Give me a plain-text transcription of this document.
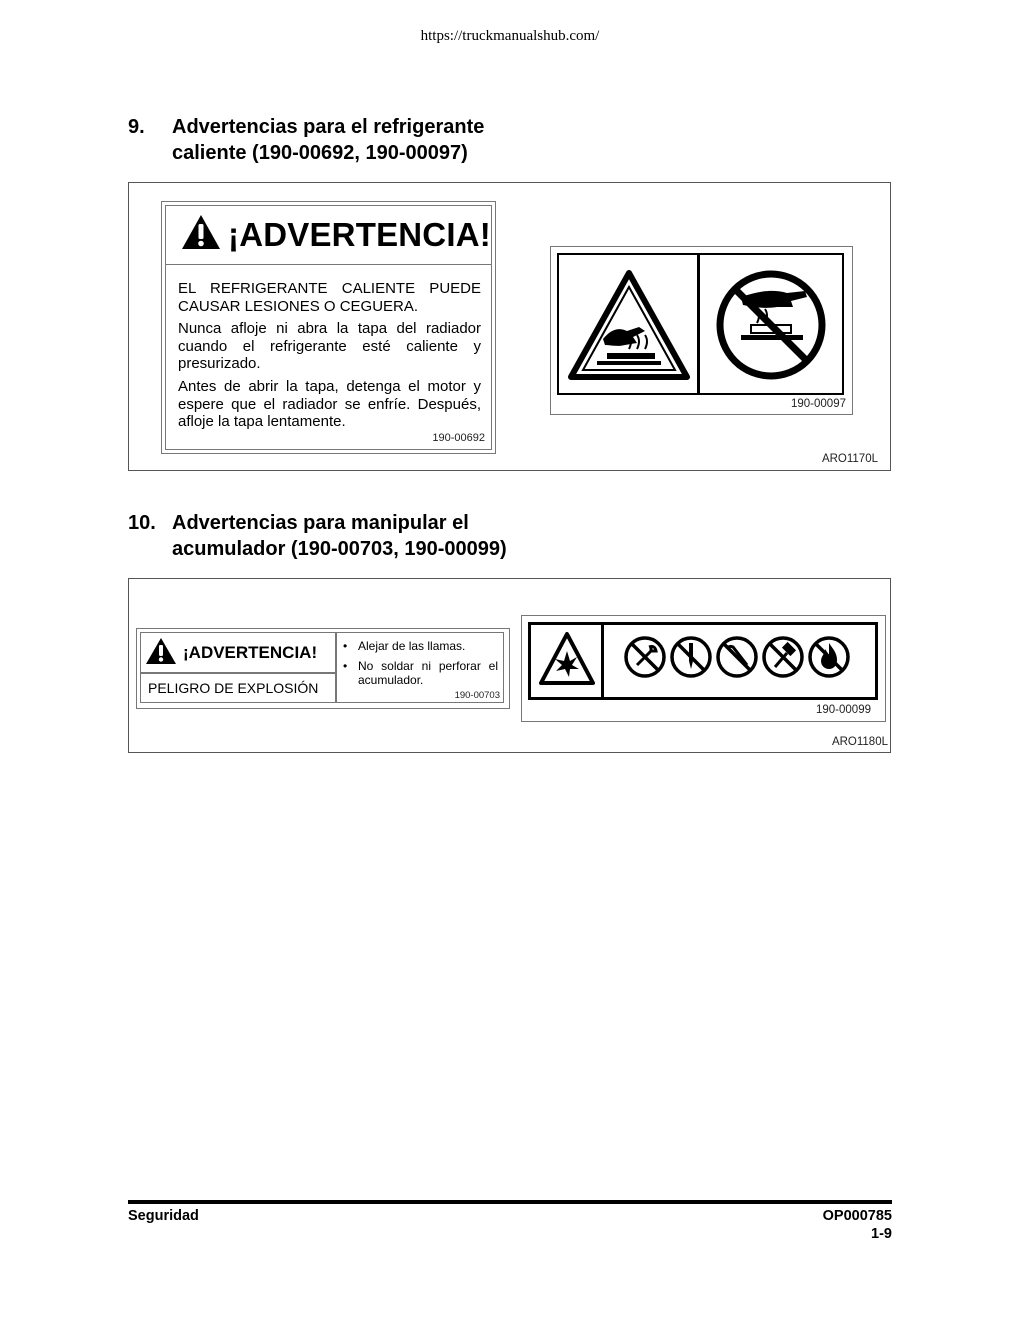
https://truckmanualshub.com/
9. Advertencias para el refrigerante
caliente (190-00692, 190-00097)
¡ADVERTENCIA!
EL REFRIGERANTE CALIENTE PUEDE CAUSAR LESIONES O CEGUERA.
Nunca afloje ni abra la tapa del radiador cuando el refrigerante esté caliente y presurizado.
Antes de abrir la tapa, detenga el motor y espere que el radiador se enfríe. Después, afloje la tapa lentamente.
190-00692
190-00097
ARO1170L
10. Advertencias para manipular el
acumulador (190-00703, 190-00099)
¡ADVERTENCIA!
PELIGRO DE EXPLOSIÓN
• Alejar de las llamas.
• No soldar ni perforar el acumulador.
190-00703
190-00099
ARO1180L
Seguridad	OP000785
1-9
